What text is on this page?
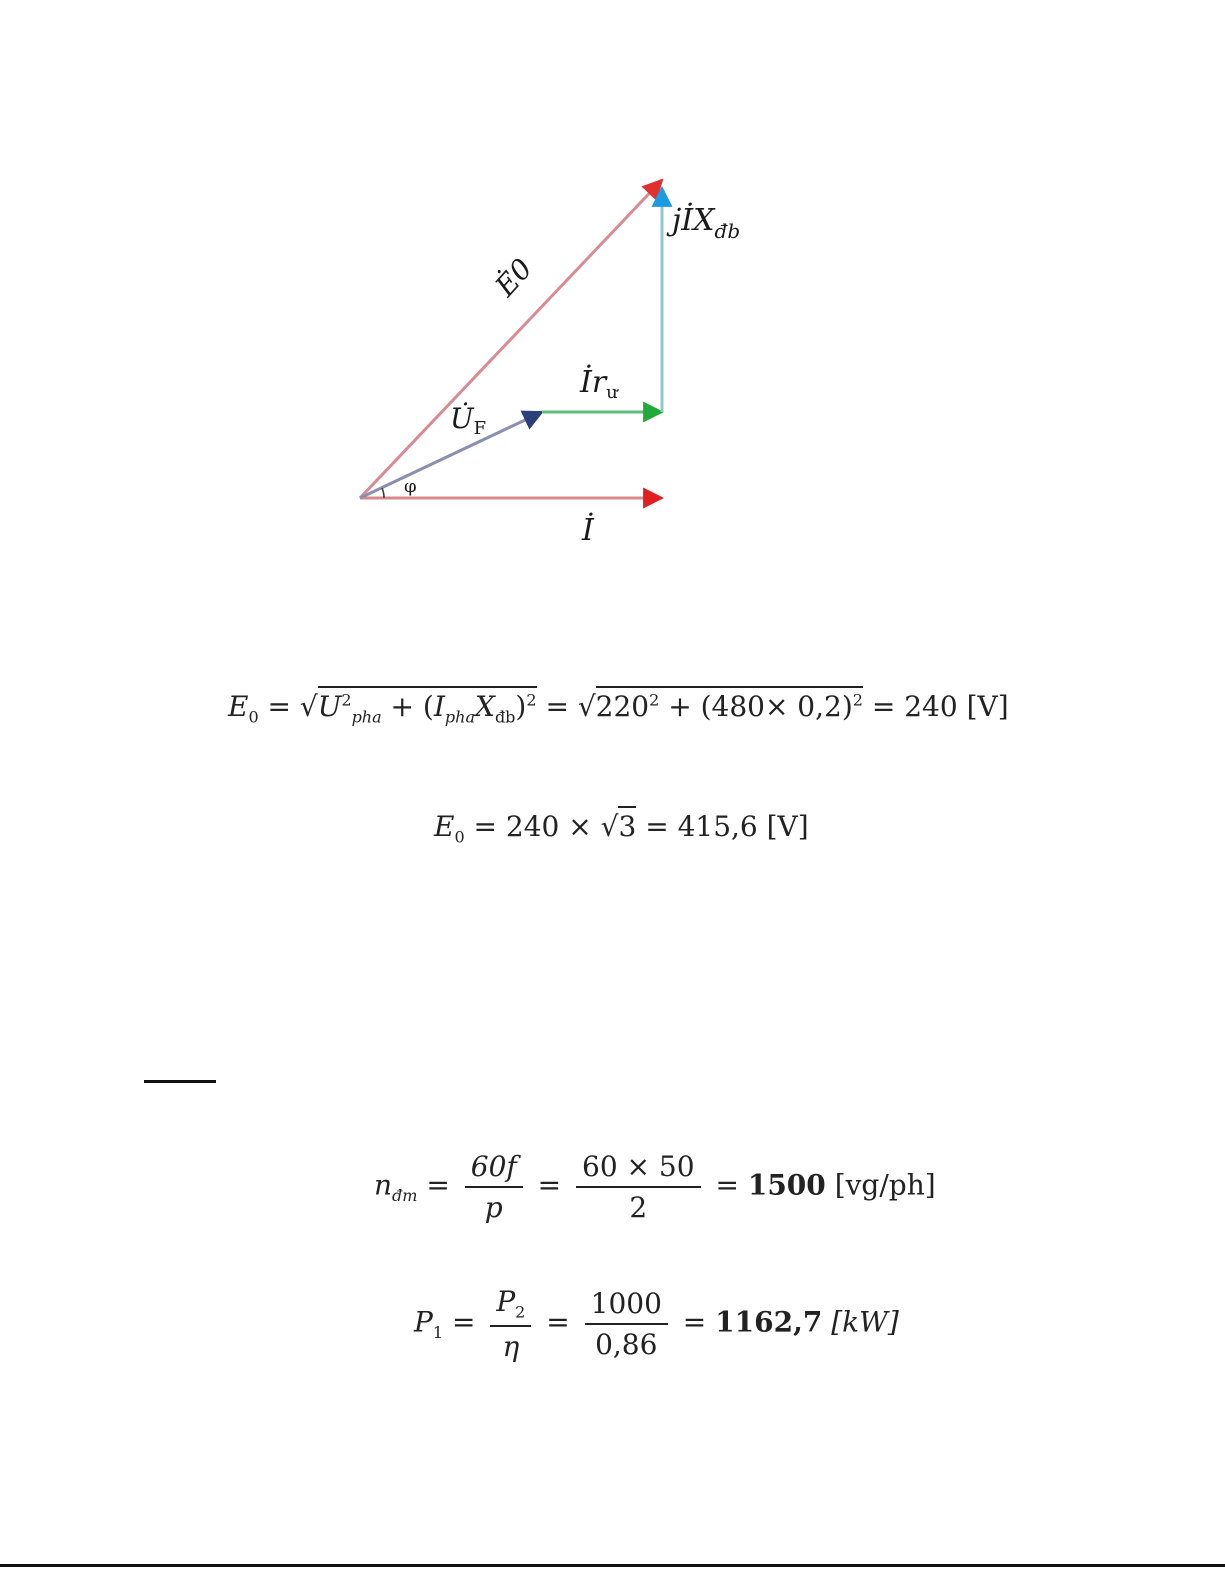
Ė0
jİX$_{đb}$
$U̇_F$
$İr_ư$
φ
İ
$E_0 = √U^2_{pha} + (I_{pha}X_{đb})^2 = √220^2 + (480\times 0,2)^2 = 240$ [V]
$E_0 = 240 \times √3 = 415,6$ [V]
$n_{đm} = \frac{60f}{p} = \frac{60 \times 50}{2} = 1500$ [vg/ph]
$P_1 = \frac{P_2}{\eta} = \frac{1000}{0,86} = 1162,7$ [kW]
